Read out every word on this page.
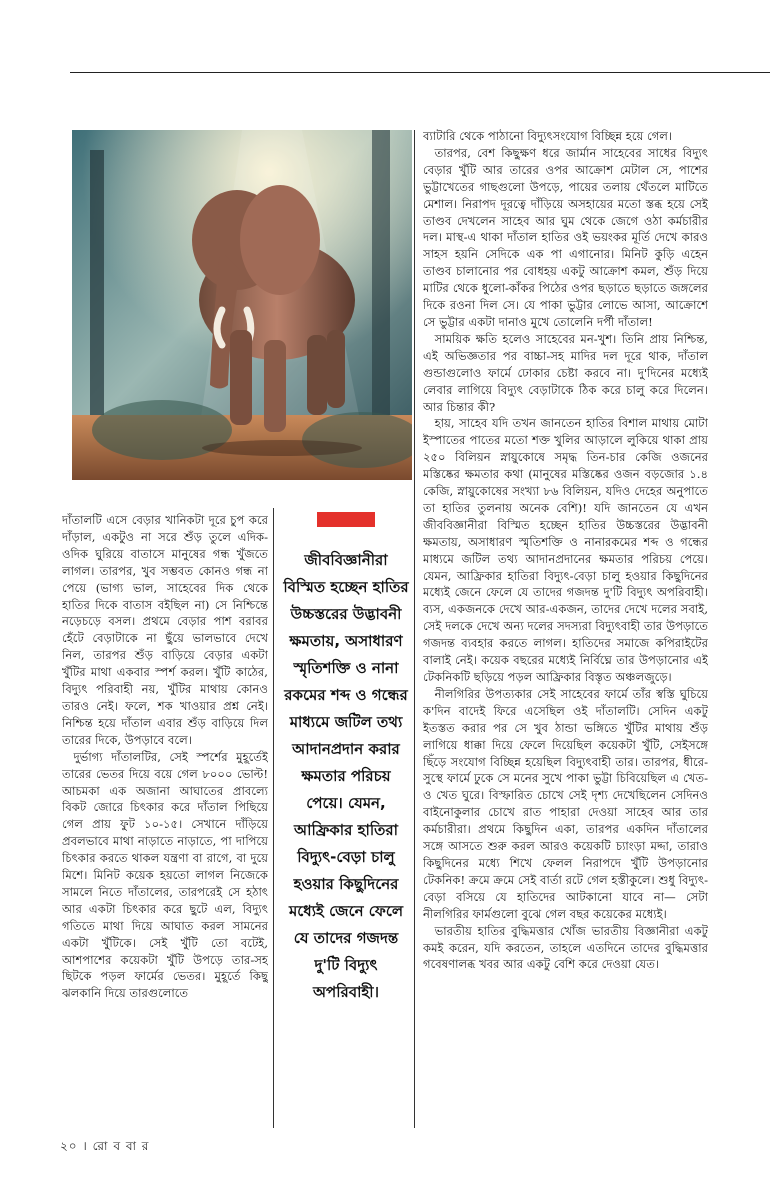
দাঁতালটি এসে বেড়ার খানিকটা দূরে চুপ করে দাঁড়াল, একটুও না সরে শুঁড় তুলে এদিক-ওদিক ঘুরিয়ে বাতাসে মানুষের গন্ধ খুঁজতে লাগল। তারপর, খুব সম্ভবত কোনও গন্ধ না পেয়ে (ভাগ্য ভাল, সাহেবের দিক থেকে হাতির দিকে বাতাস বইছিল না) সে নিশ্চিন্তে নড়েচড়ে বসল। প্রথমে বেড়ার পাশ বরাবর হেঁটে বেড়াটাকে না ছুঁয়ে ভালভাবে দেখে নিল, তারপর শুঁড় বাড়িয়ে বেড়ার একটা খুঁটির মাথা একবার স্পর্শ করল। খুঁটি কাঠের, বিদ্যুৎ পরিবাহী নয়, খুঁটির মাথায় কোনও তারও নেই। ফলে, শক খাওয়ার প্রশ্ন নেই। নিশ্চিন্ত হয়ে দাঁতাল এবার শুঁড় বাড়িয়ে দিল তারের দিকে, উপড়াবে বলে।

দুর্ভাগ্য দাঁতালটির, সেই স্পর্শের মুহূর্তেই তারের ভেতর দিয়ে বয়ে গেল ৮০০০ ভোল্ট! আচমকা এক অজানা আঘাতের প্রাবল্যে বিকট জোরে চিৎকার করে দাঁতাল পিছিয়ে গেল প্রায় ফুট ১০-১৫। সেখানে দাঁড়িয়ে প্রবলভাবে মাথা নাড়াতে নাড়াতে, পা দাপিয়ে চিৎকার করতে থাকল যন্ত্রণা বা রাগে, বা দুয়ে মিশে। মিনিট কয়েক হয়তো লাগল নিজেকে সামলে নিতে দাঁতালের, তারপরেই সে হঠাৎ আর একটা চিৎকার করে ছুটে এল, বিদ্যুৎ গতিতে মাথা দিয়ে আঘাত করল সামনের একটা খুঁটিকে। সেই খুঁটি তো বটেই, আশপাশের কয়েকটা খুঁটি উপড়ে তার-সহ ছিটকে পড়ল ফার্মের ভেতর। মুহূর্তে কিছু ঝলকানি দিয়ে তারগুলোতে

জীববিজ্ঞানীরা বিস্মিত হচ্ছেন হাতির উচ্চস্তরের উদ্ভাবনী ক্ষমতায়, অসাধারণ স্মৃতিশক্তি ও নানা রকমের শব্দ ও গন্ধের মাধ্যমে জটিল তথ্য আদানপ্রদান করার ক্ষমতার পরিচয় পেয়ে। যেমন, আফ্রিকার হাতিরা বিদ্যুৎ-বেড়া চালু হওয়ার কিছুদিনের মধ্যেই জেনে ফেলে যে তাদের গজদন্ত দু'টি বিদ্যুৎ অপরিবাহী।

ব্যাটারি থেকে পাঠানো বিদ্যুৎসংযোগ বিচ্ছিন্ন হয়ে গেল।

তারপর, বেশ কিছুক্ষণ ধরে জার্মান সাহেবের সাধের বিদ্যুৎ বেড়ার খুঁটি আর তারের ওপর আক্রোশ মেটাল সে, পাশের ভুট্টাখেতের গাছগুলো উপড়ে, পায়ের তলায় থেঁতলে মাটিতে মেশাল। নিরাপদ দূরত্বে দাঁড়িয়ে অসহায়ের মতো স্তব্ধ হয়ে সেই তাণ্ডব দেখলেন সাহেব আর ঘুম থেকে জেগে ওঠা কর্মচারীর দল। মাস্থ-এ থাকা দাঁতাল হাতির ওই ভয়ংকর মূর্তি দেখে কারও সাহস হয়নি সেদিকে এক পা এগানোর। মিনিট কুড়ি এহেন তাণ্ডব চালানোর পর বোধহয় একটু আক্রোশ কমল, শুঁড় দিয়ে মাটির থেকে ধুলো-কাঁকর পিঠের ওপর ছড়াতে ছড়াতে জঙ্গলের দিকে রওনা দিল সে। যে পাকা ভুট্টার লোভে আসা, আক্রোশে সে ভুট্টার একটা দানাও মুখে তোলেনি দর্পী দাঁতাল!

সাময়িক ক্ষতি হলেও সাহেবের মন-খুশ। তিনি প্রায় নিশ্চিন্ত, এই অভিজ্ঞতার পর বাচ্চা-সহ মাদির দল দূরে থাক, দাঁতাল গুন্ডাগুলোও ফার্মে ঢোকার চেষ্টা করবে না। দু'দিনের মধ্যেই লেবার লাগিয়ে বিদ্যুৎ বেড়াটাকে ঠিক করে চালু করে দিলেন। আর চিন্তার কী?

হায়, সাহেব যদি তখন জানতেন হাতির বিশাল মাথায় মোটা ইস্পাতের পাতের মতো শক্ত খুলির আড়ালে লুকিয়ে থাকা প্রায় ২৫০ বিলিয়ন স্নায়ুকোষে সমৃদ্ধ তিন-চার কেজি ওজনের মস্তিষ্কের ক্ষমতার কথা (মানুষের মস্তিষ্কের ওজন বড়জোর ১.৪ কেজি, স্নায়ুকোষের সংখ্যা ৮৬ বিলিয়ন, যদিও দেহের অনুপাতে তা হাতির তুলনায় অনেক বেশি)! যদি জানতেন যে এখন জীববিজ্ঞানীরা বিস্মিত হচ্ছেন হাতির উচ্চস্তরের উদ্ভাবনী ক্ষমতায়, অসাধারণ স্মৃতিশক্তি ও নানারকমের শব্দ ও গন্ধের মাধ্যমে জটিল তথ্য আদানপ্রদানের ক্ষমতার পরিচয় পেয়ে। যেমন, আফ্রিকার হাতিরা বিদ্যুৎ-বেড়া চালু হওয়ার কিছুদিনের মধ্যেই জেনে ফেলে যে তাদের গজদন্ত দু'টি বিদ্যুৎ অপরিবাহী। ব্যস, একজনকে দেখে আর-একজন, তাদের দেখে দলের সবাই, সেই দলকে দেখে অন্য দলের সদস্যরা বিদ্যুৎবাহী তার উপড়াতে গজদন্ত ব্যবহার করতে লাগল। হাতিদের সমাজে কপিরাইটের বালাই নেই। কয়েক বছরের মধ্যেই নির্বিঘ্নে তার উপড়ানোর এই টেকনিকটি ছড়িয়ে পড়ল আফ্রিকার বিস্তৃত অঞ্চলজুড়ে।

নীলগিরির উপত্যকার সেই সাহেবের ফার্মে তাঁর স্বস্তি ঘুচিয়ে ক'দিন বাদেই ফিরে এসেছিল ওই দাঁতালটি। সেদিন একটু ইতস্তত করার পর সে খুব ঠান্ডা ভঙ্গিতে খুঁটির মাথায় শুঁড় লাগিয়ে ধাক্কা দিয়ে ফেলে দিয়েছিল কয়েকটা খুঁটি, সেইসঙ্গে ছিঁড়ে সংযোগ বিচ্ছিন্ন হয়েছিল বিদ্যুৎবাহী তার। তারপর, ধীরে-সুস্থে ফার্মে ঢুকে সে মনের সুখে পাকা ভুট্টা চিবিয়েছিল এ খেত-ও খেত ঘুরে। বিস্ফারিত চোখে সেই দৃশ্য দেখেছিলেন সেদিনও বাইনোকুলার চোখে রাত পাহারা দেওয়া সাহেব আর তার কর্মচারীরা। প্রথমে কিছুদিন একা, তারপর একদিন দাঁতালের সঙ্গে আসতে শুরু করল আরও কয়েকটি চ্যাংড়া মদ্দা, তারাও কিছুদিনের মধ্যে শিখে ফেলল নিরাপদে খুঁটি উপড়ানোর টেকনিক! ক্রমে ক্রমে সেই বার্তা রটে গেল হস্তীকুলে। শুধু বিদ্যুৎ-বেড়া বসিয়ে যে হাতিদের আটকানো যাবে না— সেটা নীলগিরির ফার্মগুলো বুঝে গেল বছর কয়েকের মধ্যেই।

ভারতীয় হাতির বুদ্ধিমত্তার খোঁজ ভারতীয় বিজ্ঞানীরা একটু কমই করেন, যদি করতেন, তাহলে এতদিনে তাদের বুদ্ধিমত্তার গবেষণালব্ধ খবর আর একটু বেশি করে দেওয়া যেত।

২০ । রো ব বা র
